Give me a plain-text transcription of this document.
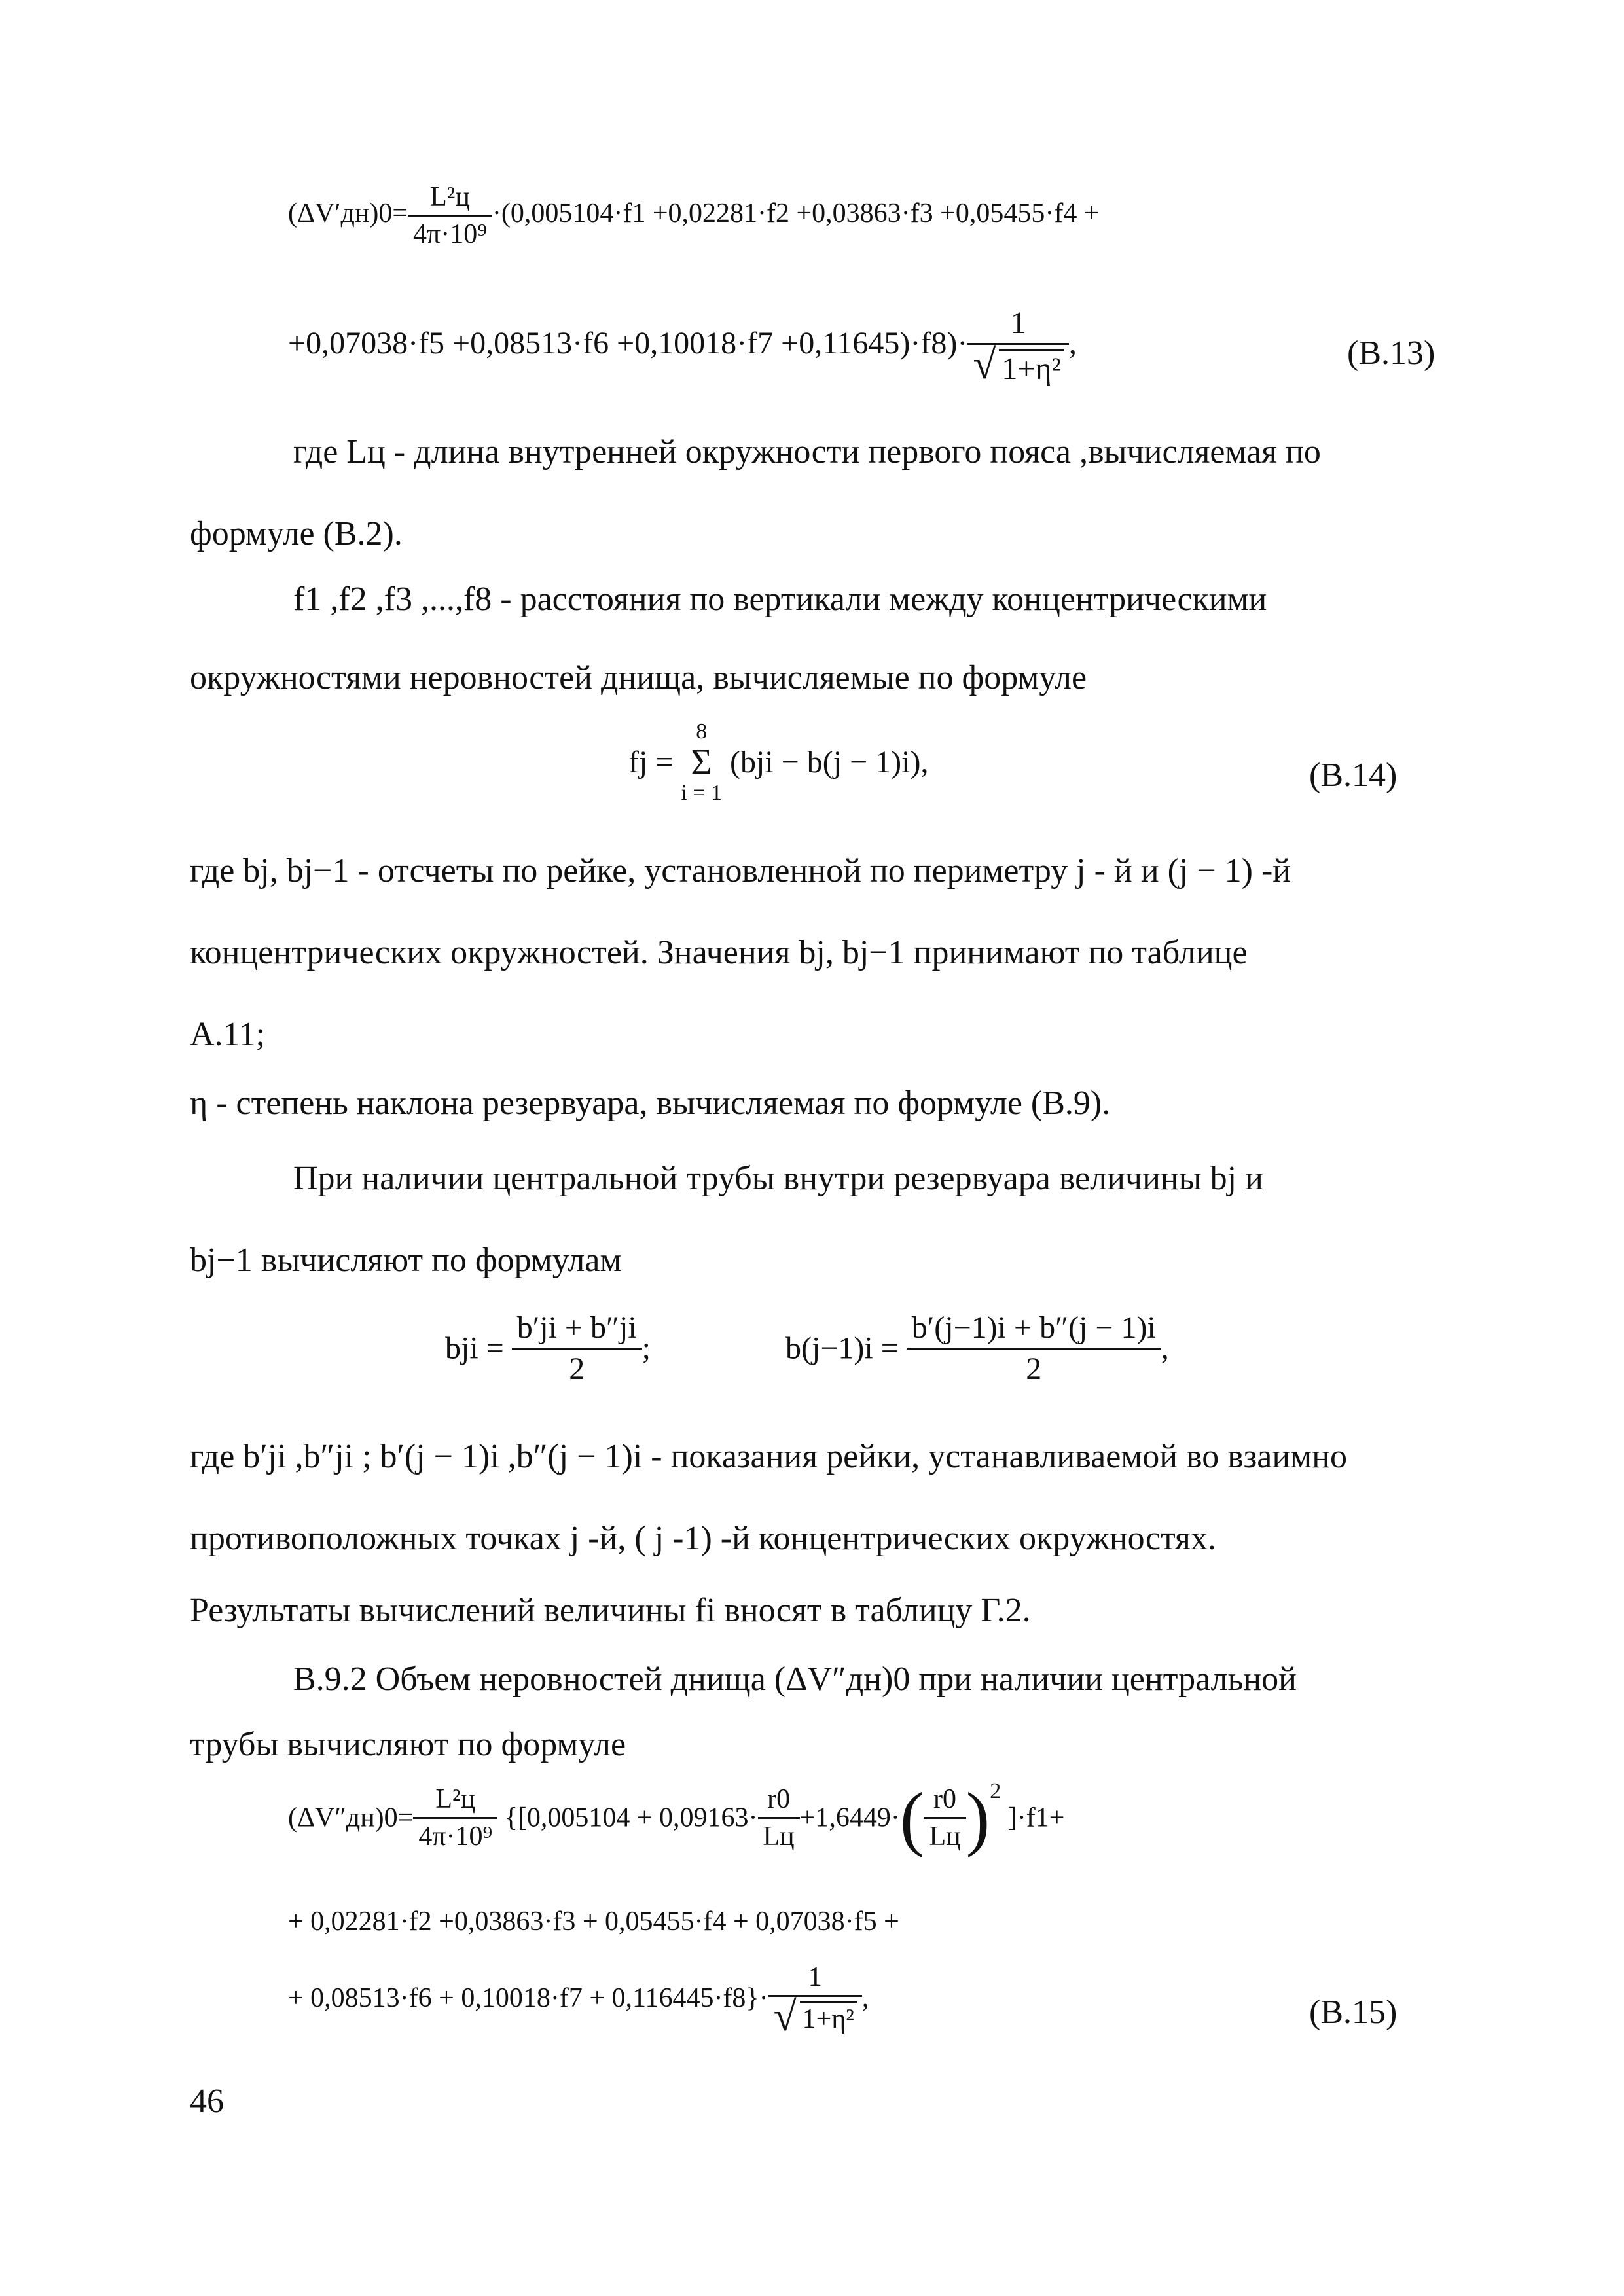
$(\Delta V'дн)0= \frac{\text{L²ц}}{\text{4π·10⁹}} \cdot(0,005104\cdot f1 +0,02281\cdot f2 +0,03863\cdot f3 +0,05455\cdot f4$ +
$+0,07038\cdot f5 +0,08513\cdot f6 +0,10018\cdot f7 +0,11645)\cdot f8)\cdot \frac{1}{\text{√ 1+η²}}$ ,	(В.13)
где Lц - длина внутренней окружности первого пояса ,вычисляемая по
формуле (В.2).
f1 ,f2 ,f3 ,...,f8 - расстояния по вертикали между концентрическими
окружностями неровностей днища, вычисляемые по формуле
fj =
8
Σ
i = 1
(bji − b(j − 1)i),	(В.14)
где bj, bj−1 - отсчеты по рейке, установленной по периметру j - й и (j − 1) -й
концентрических окружностей. Значения bj, bj−1 принимают по таблице
А.11;
η - степень наклона резервуара, вычисляемая по формуле (В.9).
При наличии центральной трубы внутри резервуара величины bj и
bj−1 вычисляют по формулам
bji = $\frac{b'ji + b''ji}{2}$ ;	$b(j-1)i = \frac{b'(j-1)i + b''(j - 1)i}{2}$ ,
где b′ji ,b″ji ; b′(j − 1)i ,b″(j − 1)i - показания рейки, устанавливаемой во взаимно
противоположных точках j -й, ( j -1) -й концентрических окружностях.
Результаты вычислений величины fi вносят в таблицу Г.2.
В.9.2 Объем неровностей днища (ΔV″дн)0 при наличии центральной
трубы вычисляют по формуле
$(\Delta V''дн)0= \frac{\text{L²ц}}{\text{4π·10⁹}} \{[0,005104 + 0,09163\cdot \frac{r0}{Lц} +1,6449\cdot( \frac{r0}{Lц} )^2$ ]·f1+
+ 0,02281·f2 +0,03863·f3 + 0,05455·f4 + 0,07038·f5 +
+ $0,08513\cdot f6 + 0,10018\cdot f7 + 0,116445\cdot f8\}\cdot \frac{1}{\text{√ 1+η²}}$ ,	(В.15)
46
